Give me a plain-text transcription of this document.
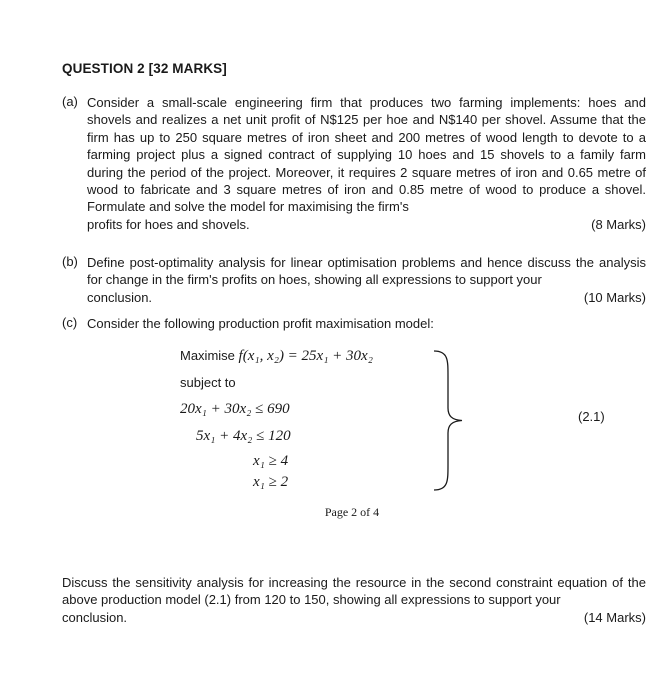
QUESTION 2 [32 MARKS]
(a) Consider a small-scale engineering firm that produces two farming implements: hoes and shovels and realizes a net unit profit of N$125 per hoe and N$140 per shovel. Assume that the firm has up to 250 square metres of iron sheet and 200 metres of wood length to devote to a farming project plus a signed contract of supplying 10 hoes and 15 shovels to a family farm during the period of the project. Moreover, it requires 2 square metres of iron and 0.65 metre of wood to fabricate and 3 square metres of iron and 0.85 metre of wood to produce a shovel. Formulate and solve the model for maximising the firm's
profits for hoes and shovels.	(8 Marks)
(b) Define post-optimality analysis for linear optimisation problems and hence discuss the analysis for change in the firm's profits on hoes, showing all expressions to support your
conclusion.	(10 Marks)
(c) Consider the following production profit maximisation model:
Maximise f(x₁, x₂) = 25x₁ + 30x₂
subject to
20x₁ + 30x₂ ≤ 690
5x₁ + 4x₂ ≤ 120
x₁ ≥ 4
x₁ ≥ 2
(2.1)
Page 2 of 4
Discuss the sensitivity analysis for increasing the resource in the second constraint equation of the above production model (2.1) from 120 to 150, showing all expressions to support your
conclusion.	(14 Marks)
